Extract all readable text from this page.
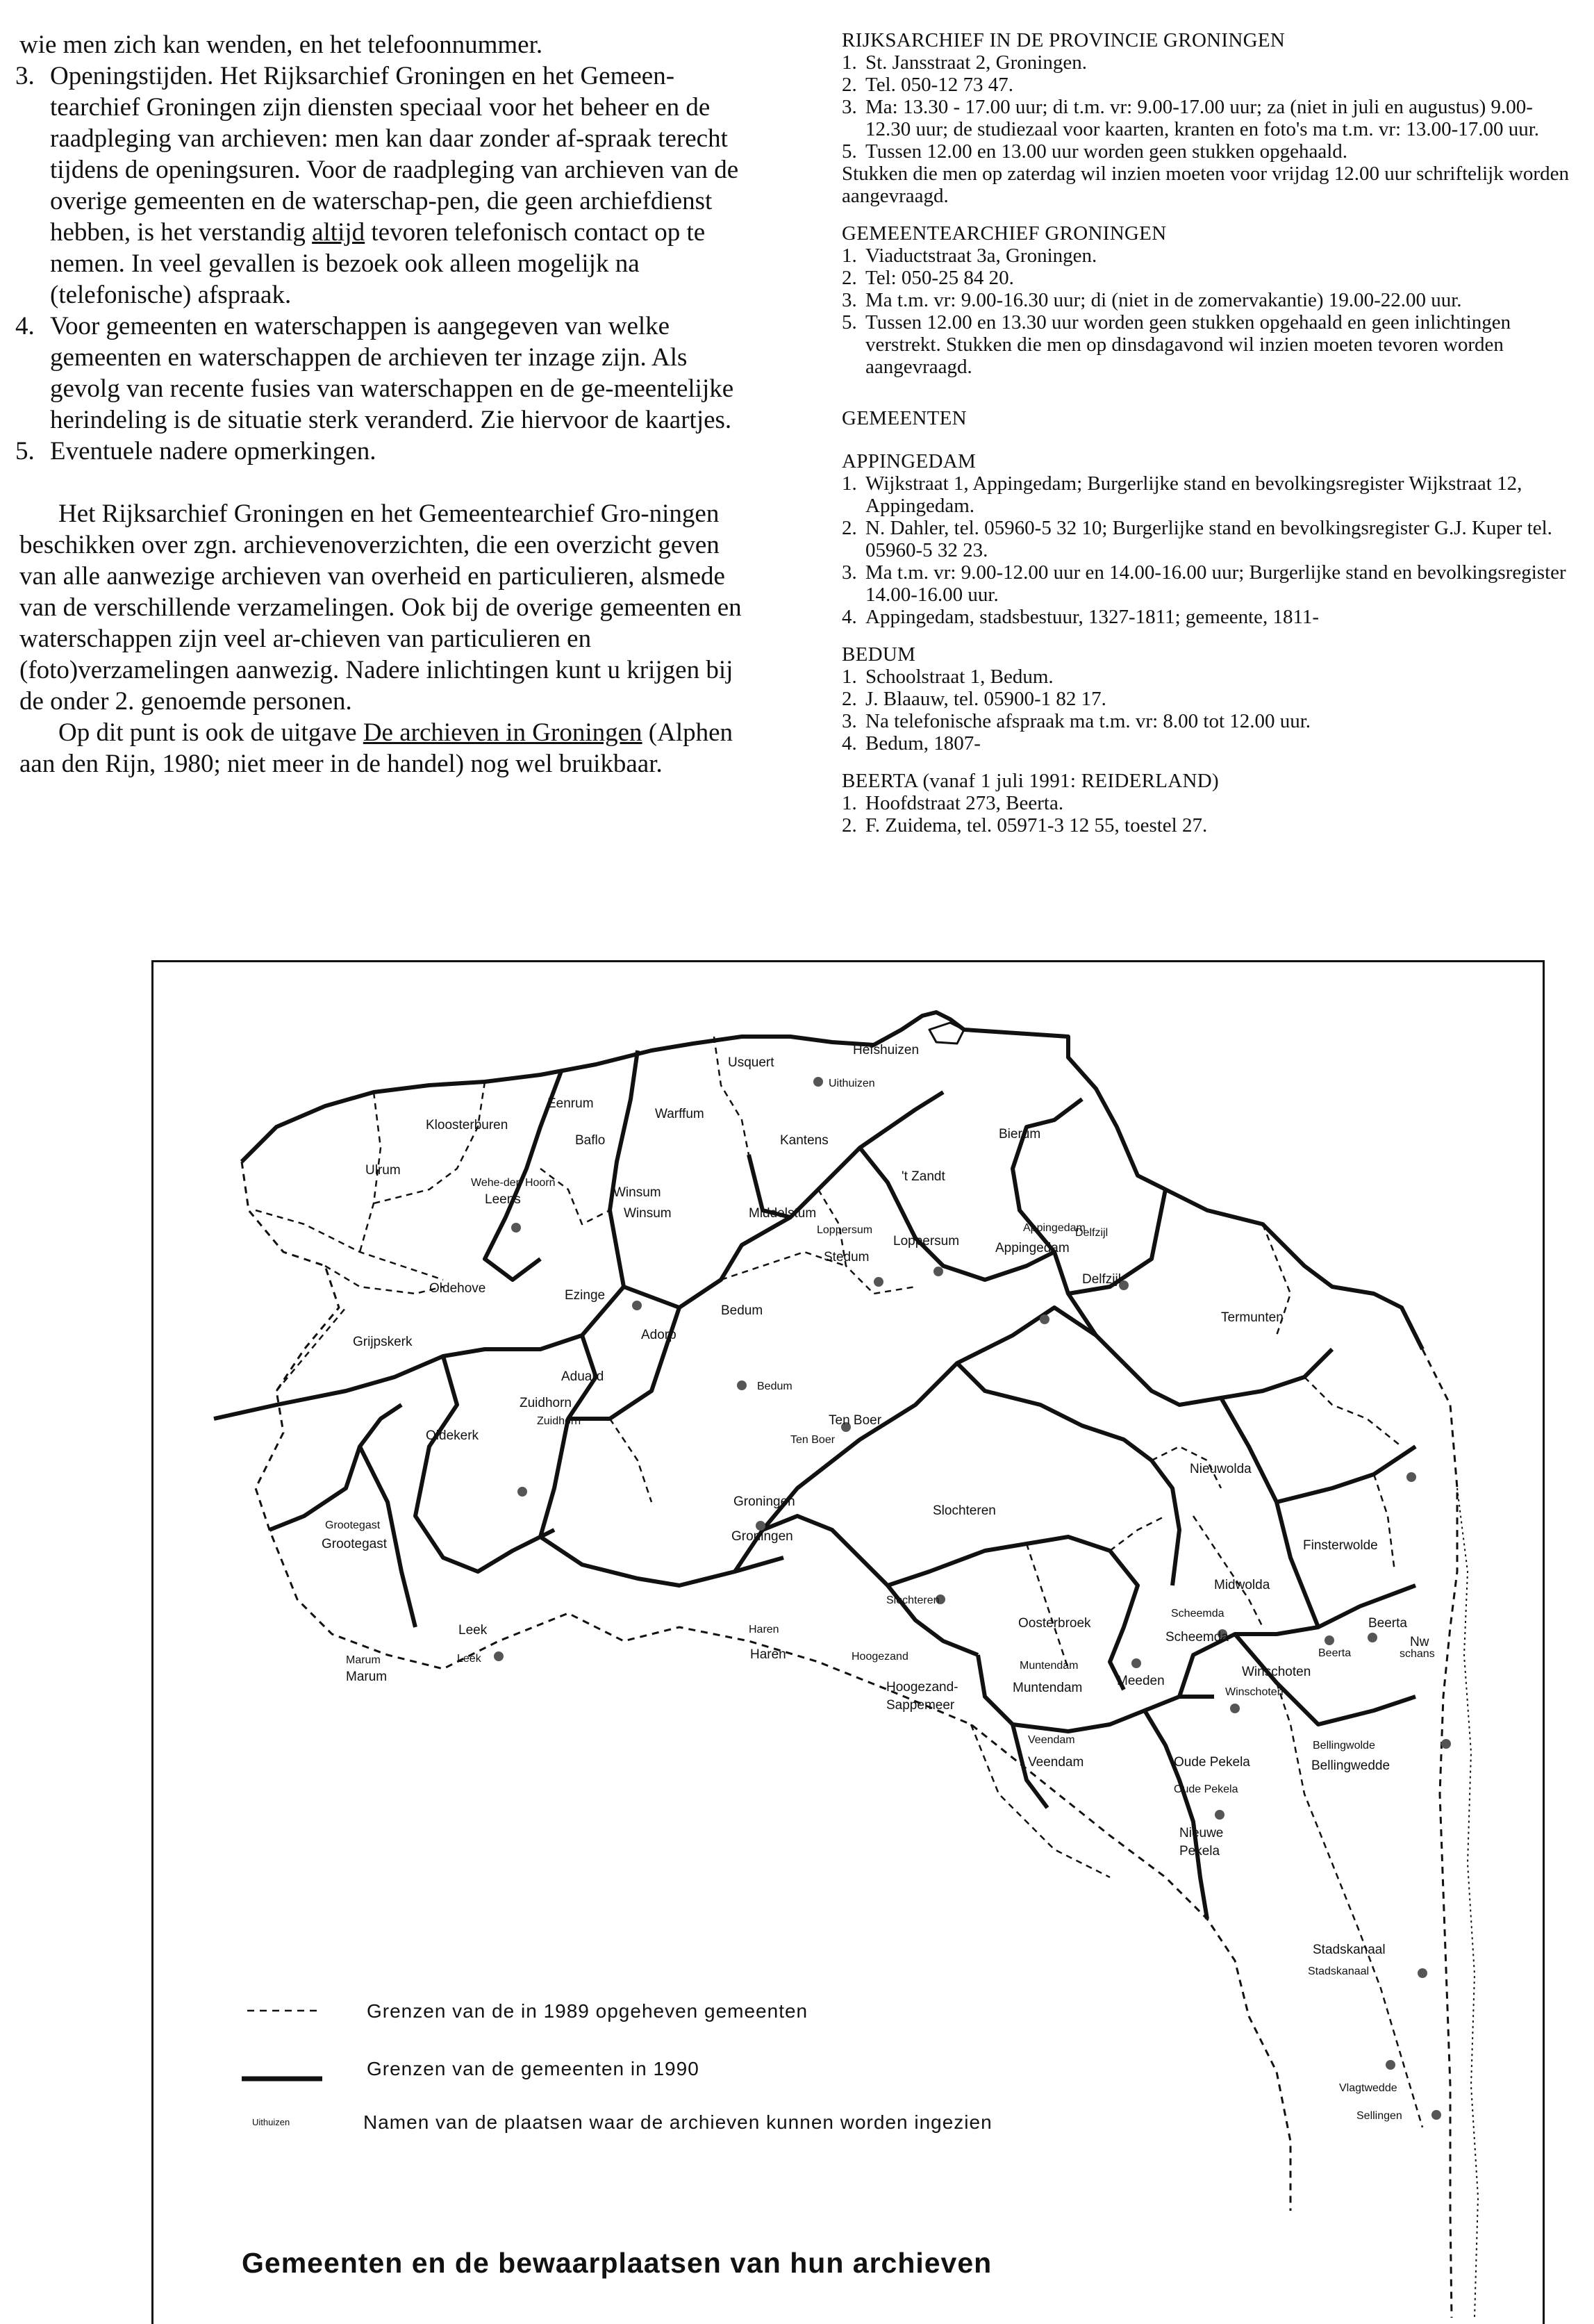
wie men zich kan wenden, en het telefoonnummer.

3. Openingstijden. Het Rijksarchief Groningen en het Gemeen-tearchief Groningen zijn diensten speciaal voor het beheer en de raadpleging van archieven: men kan daar zonder af-spraak terecht tijdens de openingsuren. Voor de raadpleging van archieven van de overige gemeenten en de waterschap-pen, die geen archiefdienst hebben, is het verstandig altijd tevoren telefonisch contact op te nemen. In veel gevallen is bezoek ook alleen mogelijk na (telefonische) afspraak.

4. Voor gemeenten en waterschappen is aangegeven van welke gemeenten en waterschappen de archieven ter inzage zijn. Als gevolg van recente fusies van waterschappen en de ge-meentelijke herindeling is de situatie sterk veranderd. Zie hiervoor de kaartjes.

5. Eventuele nadere opmerkingen.

Het Rijksarchief Groningen en het Gemeentearchief Gro-ningen beschikken over zgn. archievenoverzichten, die een overzicht geven van alle aanwezige archieven van overheid en particulieren, alsmede van de verschillende verzamelingen. Ook bij de overige gemeenten en waterschappen zijn veel ar-chieven van particulieren en (foto)verzamelingen aanwezig. Nadere inlichtingen kunt u krijgen bij de onder 2. genoemde personen.

Op dit punt is ook de uitgave De archieven in Groningen (Alphen aan den Rijn, 1980; niet meer in de handel) nog wel bruikbaar.

RIJKSARCHIEF IN DE PROVINCIE GRONINGEN
1. St. Jansstraat 2, Groningen.
2. Tel. 050-12 73 47.
3. Ma: 13.30 - 17.00 uur; di t.m. vr: 9.00-17.00 uur; za (niet in juli en augustus) 9.00-12.30 uur; de studiezaal voor kaarten, kranten en foto's ma t.m. vr: 13.00-17.00 uur.
5. Tussen 12.00 en 13.00 uur worden geen stukken opgehaald.
Stukken die men op zaterdag wil inzien moeten voor vrijdag 12.00 uur schriftelijk worden aangevraagd.
GEMEENTEARCHIEF GRONINGEN
1. Viaductstraat 3a, Groningen.
2. Tel: 050-25 84 20.
3. Ma t.m. vr: 9.00-16.30 uur; di (niet in de zomervakantie) 19.00-22.00 uur.
5. Tussen 12.00 en 13.30 uur worden geen stukken opgehaald en geen inlichtingen verstrekt. Stukken die men op dinsdagavond wil inzien moeten tevoren worden aangevraagd.
GEMEENTEN
APPINGEDAM
1. Wijkstraat 1, Appingedam; Burgerlijke stand en bevolkingsregister Wijkstraat 12, Appingedam.
2. N. Dahler, tel. 05960-5 32 10; Burgerlijke stand en bevolkingsregister G.J. Kuper tel. 05960-5 32 23.
3. Ma t.m. vr: 9.00-12.00 uur en 14.00-16.00 uur; Burgerlijke stand en bevolkingsregister 14.00-16.00 uur.
4. Appingedam, stadsbestuur, 1327-1811; gemeente, 1811-
BEDUM
1. Schoolstraat 1, Bedum.
2. J. Blaauw, tel. 05900-1 82 17.
3. Na telefonische afspraak ma t.m. vr: 8.00 tot 12.00 uur.
4. Bedum, 1807-
BEERTA (vanaf 1 juli 1991: REIDERLAND)
1. Hoofdstraat 273, Beerta.
2. F. Zuidema, tel. 05971-3 12 55, toestel 27.
Usquert
Hefshuizen
Uithuizen
Eenrum
Kloosterburen
Warffum
Baflo	Kantens	Bierum
Ulrum
Wehe-den Hoorn
Leens	Winsum
Winsum
't Zandt
Middelstum
Loppersum
Loppersum
Stedum
Appingedam
Appingedam
Delfzijl
Delfzijl
Oldehove	Ezinge
Bedum
Bedum	Termunten
Grijpskerk	Adorp
Ten Boer
Ten Boer
Aduard
Zuidhorn
Zuidhorn
Nieuwolda
Oldekerk
Groningen
Groningen
Slochteren
Slochteren
Grootegast
Grootegast	Finsterwolde
Midwolda
Oosterbroek
Scheemda
Scheemda
Beerta
Beerta
Nw
schans
Leek
Leek
Haren
Haren
Marum
Marum
Hoogezand
Hoogezand-
Sappemeer
Muntendam
Muntendam	Meeden
Winschoten
Winschoten
Bellingwolde
Bellingwedde
Veendam
Veendam	Oude Pekela
Oude Pekela
Nieuwe
Pekela
Stadskanaal
Stadskanaal
Vlagtwedde
Sellingen
Grenzen van de in 1989 opgeheven gemeenten
Grenzen van de gemeenten in 1990
Uithuizen	Namen van de plaatsen waar de archieven kunnen worden ingezien
Gemeenten en de bewaarplaatsen van hun archieven
